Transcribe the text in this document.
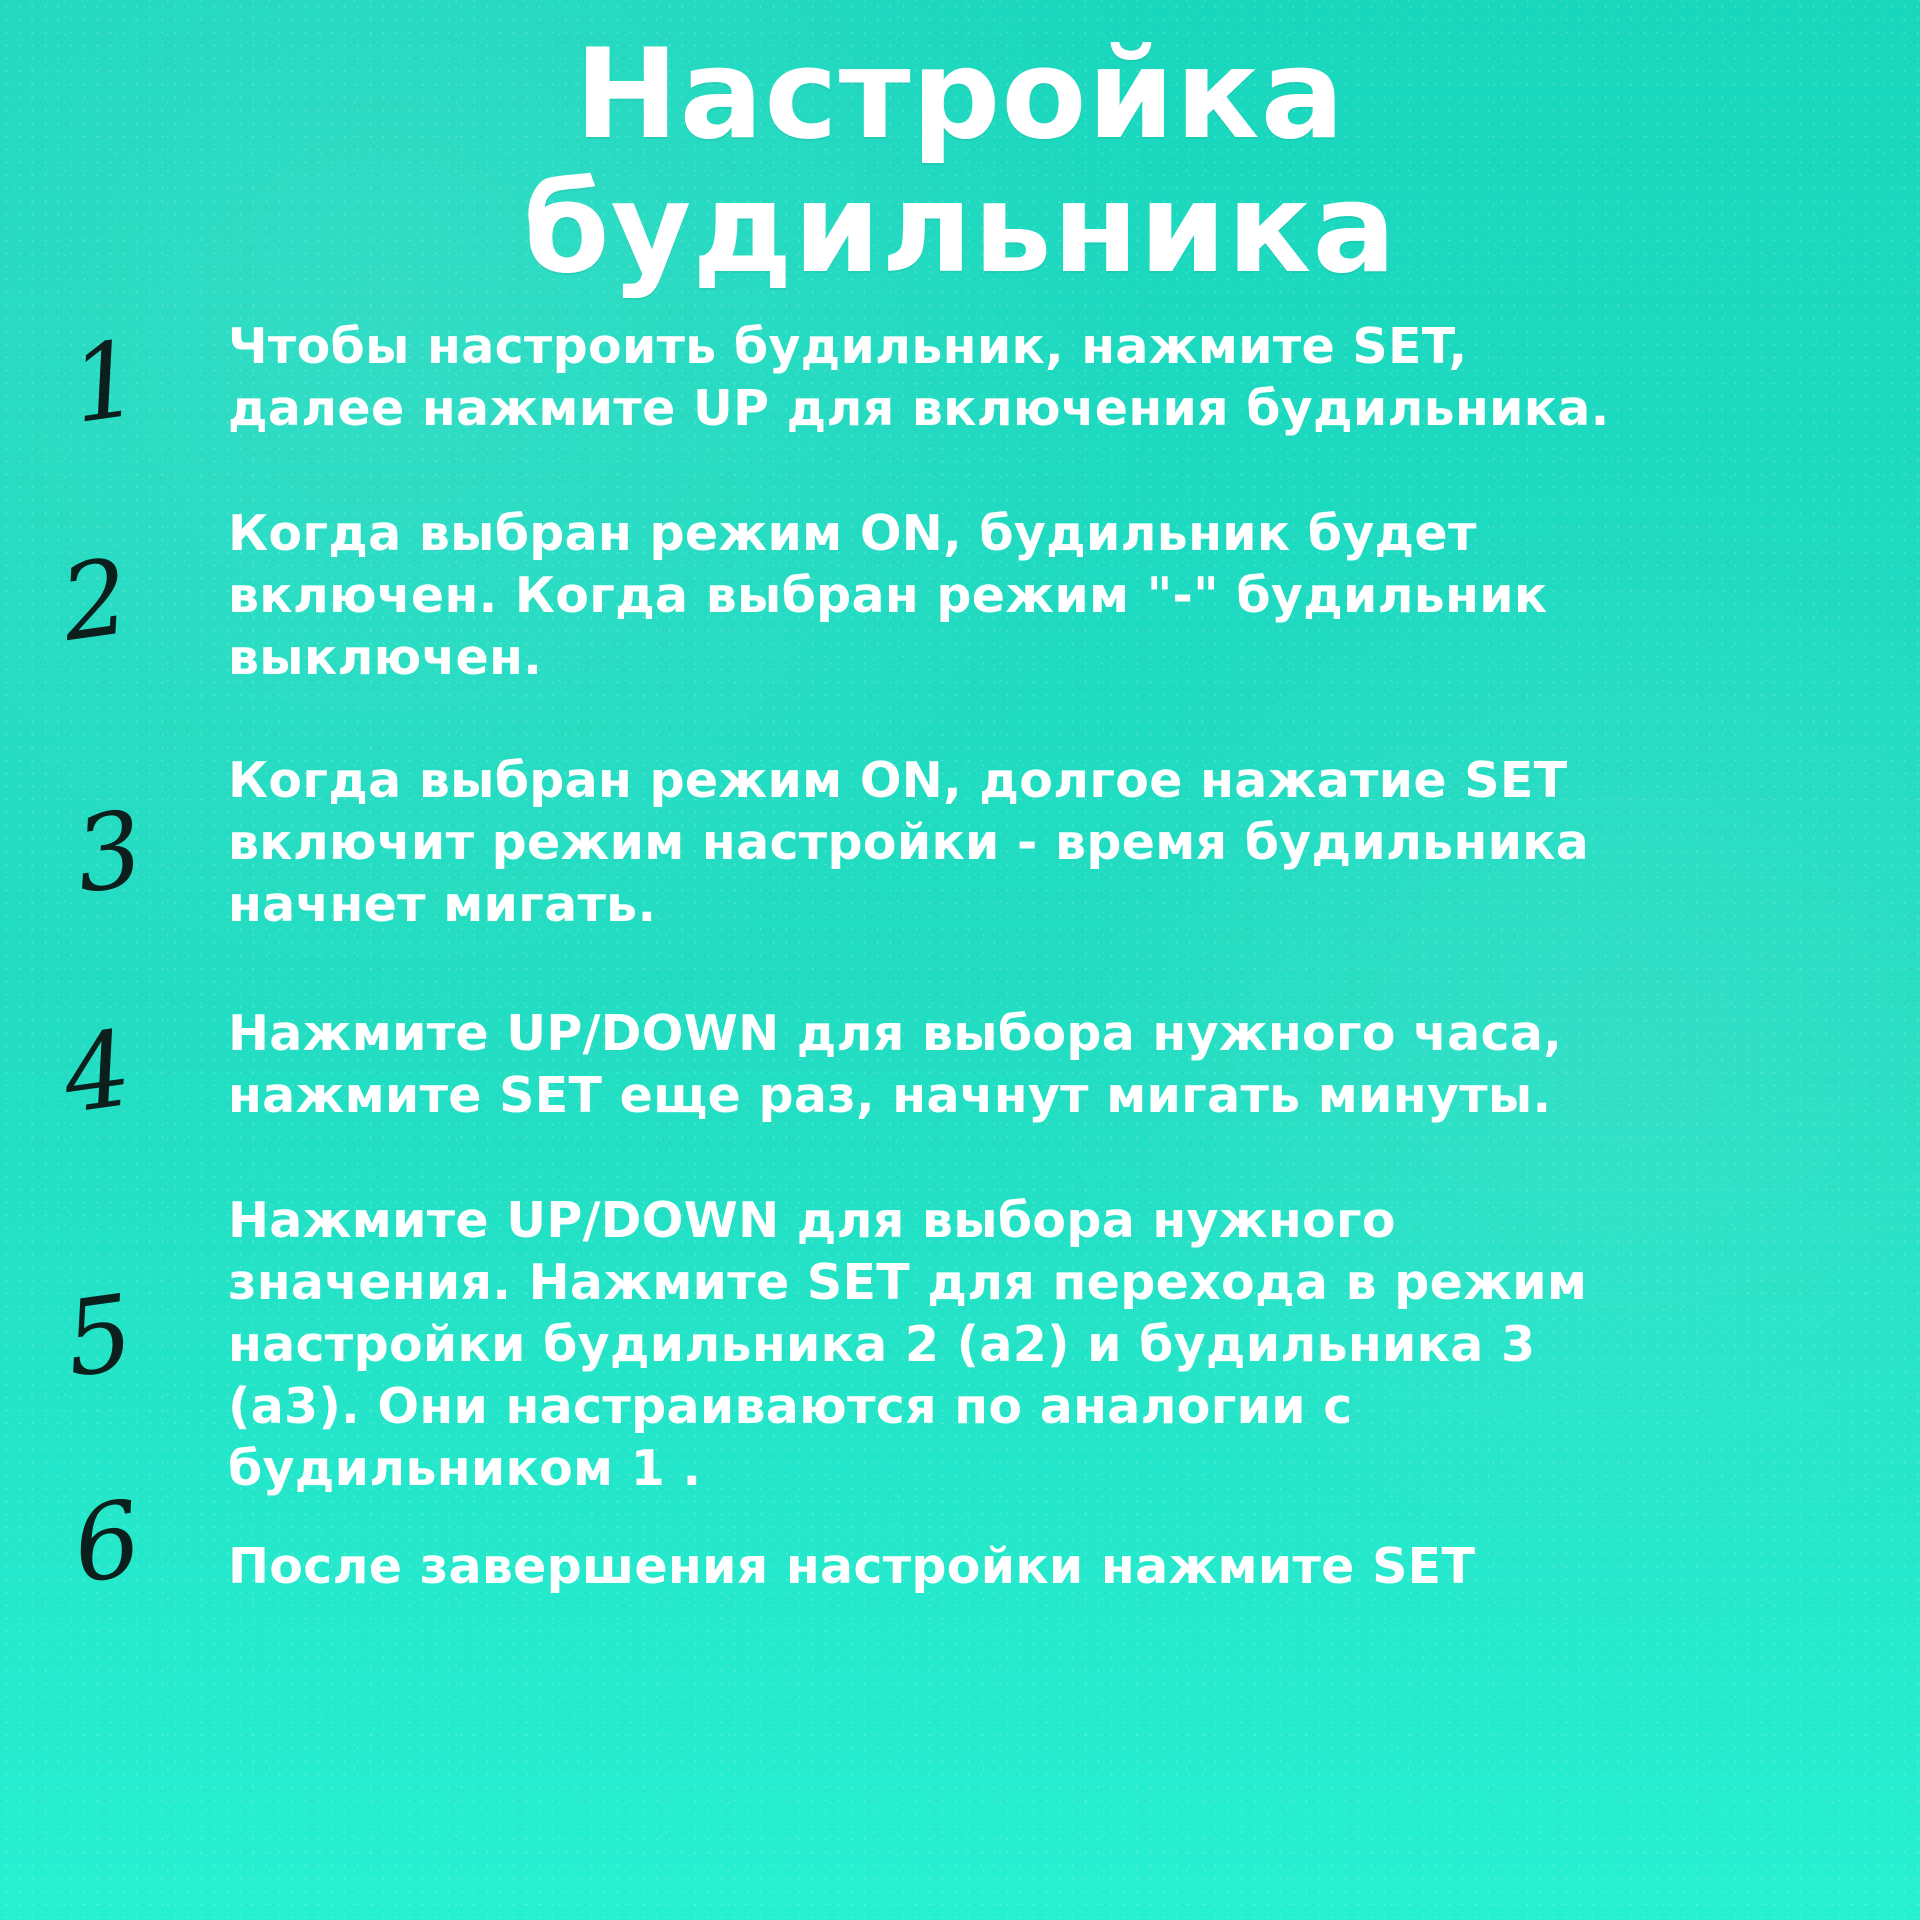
Настройка
будильника
1 Чтобы настроить будильник, нажмите SET,
далее нажмите UP для включения будильника.
2
Когда выбран режим ON, будильник будет
включен. Когда выбран режим "-" будильник
выключен.
3
Когда выбран режим ON, долгое нажатие SET
включит режим настройки - время будильника
начнет мигать.
4 Нажмите UP/DOWN для выбора нужного часа,
нажмите SET еще раз, начнут мигать минуты.
5
Нажмите UP/DOWN для выбора нужного
значения. Нажмите SET для перехода в режим
настройки будильника 2 (a2) и будильника 3
(a3). Они настраиваются по аналогии с
будильником 1 .
6 После завершения настройки нажмите SET
